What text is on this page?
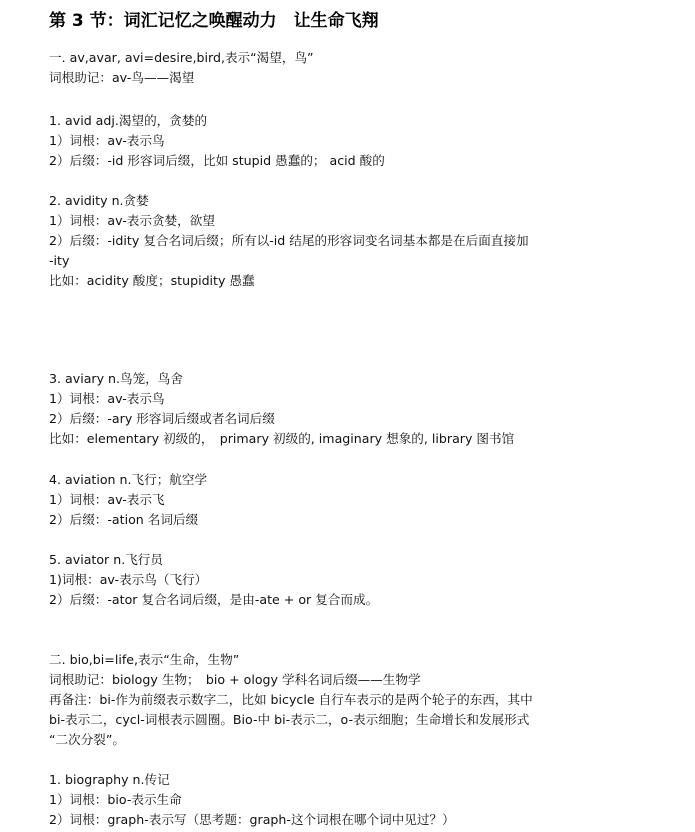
第 3 节：词汇记忆之唤醒动力　让生命飞翔
一. av,avar, avi=desire,bird,表示“渴望，鸟”
词根助记：av-鸟——渴望
1. avid adj.渴望的，贪婪的
1）词根：av-表示鸟
2）后缀：-id 形容词后缀，比如 stupid 愚蠢的； acid 酸的
2. avidity n.贪婪
1）词根：av-表示贪婪，欲望
2）后缀：-idity 复合名词后缀；所有以-id 结尾的形容词变名词基本都是在后面直接加
-ity
比如：acidity 酸度；stupidity 愚蠢
3. aviary n.鸟笼，鸟舍
1）词根：av-表示鸟
2）后缀：-ary 形容词后缀或者名词后缀
比如：elementary 初级的，　primary 初级的, imaginary 想象的, library 图书馆
4. aviation n.飞行；航空学
1）词根：av-表示飞
2）后缀：-ation 名词后缀
5. aviator n.飞行员
1)词根：av-表示鸟（飞行）
2）后缀：-ator 复合名词后缀，是由-ate + or 复合而成。
二. bio,bi=life,表示“生命，生物”
词根助记：biology 生物；　bio + ology 学科名词后缀——生物学
再备注：bi-作为前缀表示数字二，比如 bicycle 自行车表示的是两个轮子的东西，其中
bi-表示二，cycl-词根表示圆圈。Bio-中 bi-表示二，o-表示细胞；生命增长和发展形式
“二次分裂”。
1. biography n.传记
1）词根：bio-表示生命
2）词根：graph-表示写（思考题：graph-这个词根在哪个词中见过？）
